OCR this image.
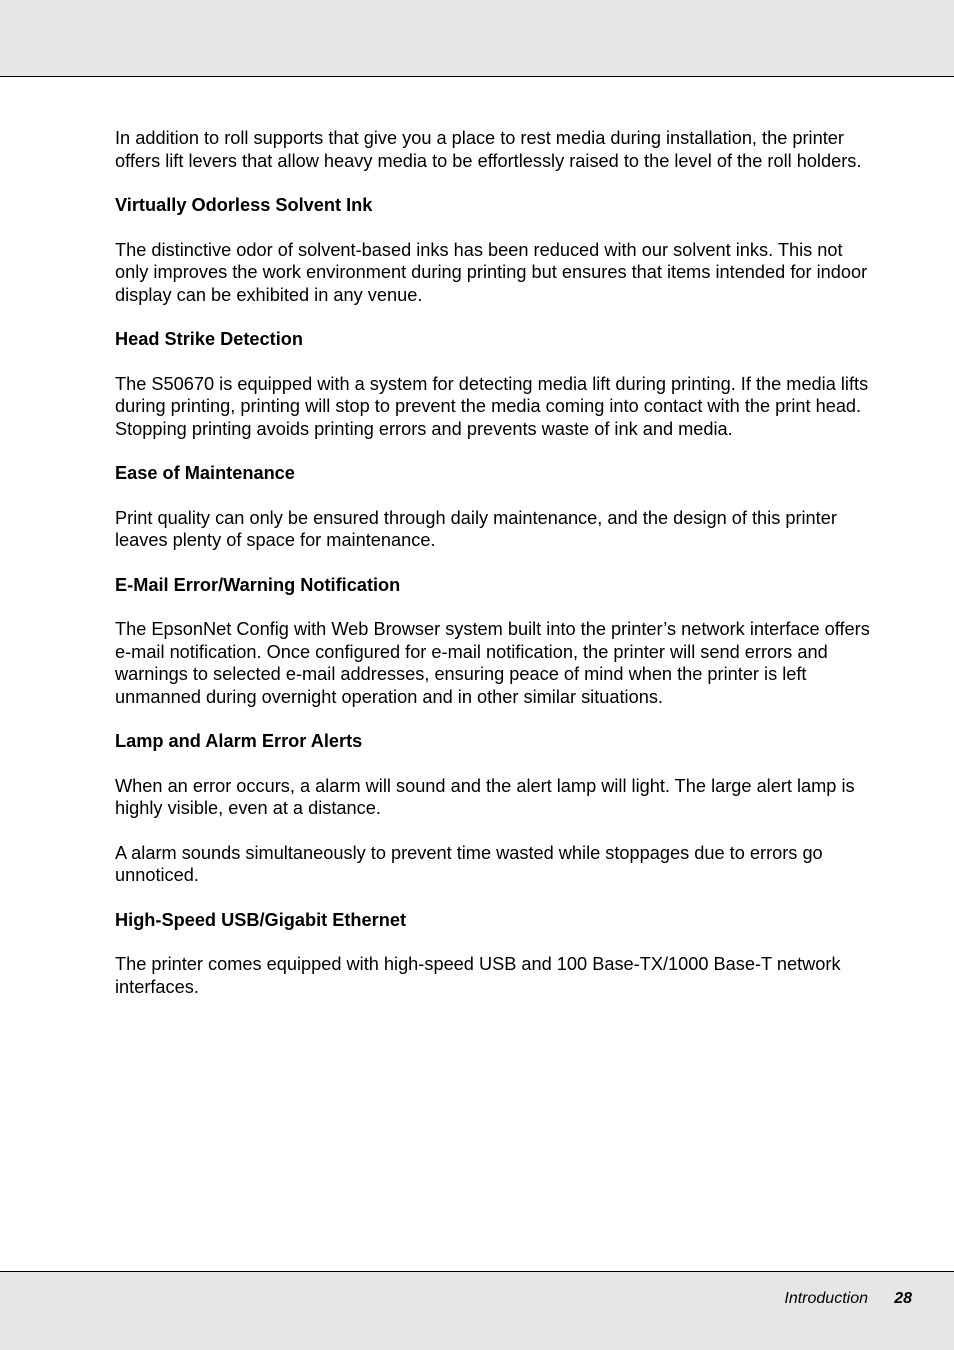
In addition to roll supports that give you a place to rest media during installation, the printer offers lift levers that allow heavy media to be effortlessly raised to the level of the roll holders.

Virtually Odorless Solvent Ink

The distinctive odor of solvent-based inks has been reduced with our solvent inks. This not only improves the work environment during printing but ensures that items intended for indoor display can be exhibited in any venue.

Head Strike Detection

The S50670 is equipped with a system for detecting media lift during printing. If the media lifts during printing, printing will stop to prevent the media coming into contact with the print head. Stopping printing avoids printing errors and prevents waste of ink and media.

Ease of Maintenance

Print quality can only be ensured through daily maintenance, and the design of this printer leaves plenty of space for maintenance.

E-Mail Error/Warning Notification

The EpsonNet Config with Web Browser system built into the printer’s network interface offers e-mail notification. Once configured for e-mail notification, the printer will send errors and warnings to selected e-mail addresses, ensuring peace of mind when the printer is left unmanned during overnight operation and in other similar situations.

Lamp and Alarm Error Alerts

When an error occurs, a alarm will sound and the alert lamp will light. The large alert lamp is highly visible, even at a distance.

A alarm sounds simultaneously to prevent time wasted while stoppages due to errors go unnoticed.

High-Speed USB/Gigabit Ethernet

The printer comes equipped with high-speed USB and 100 Base-TX/1000 Base-T network interfaces.

Introduction 28
